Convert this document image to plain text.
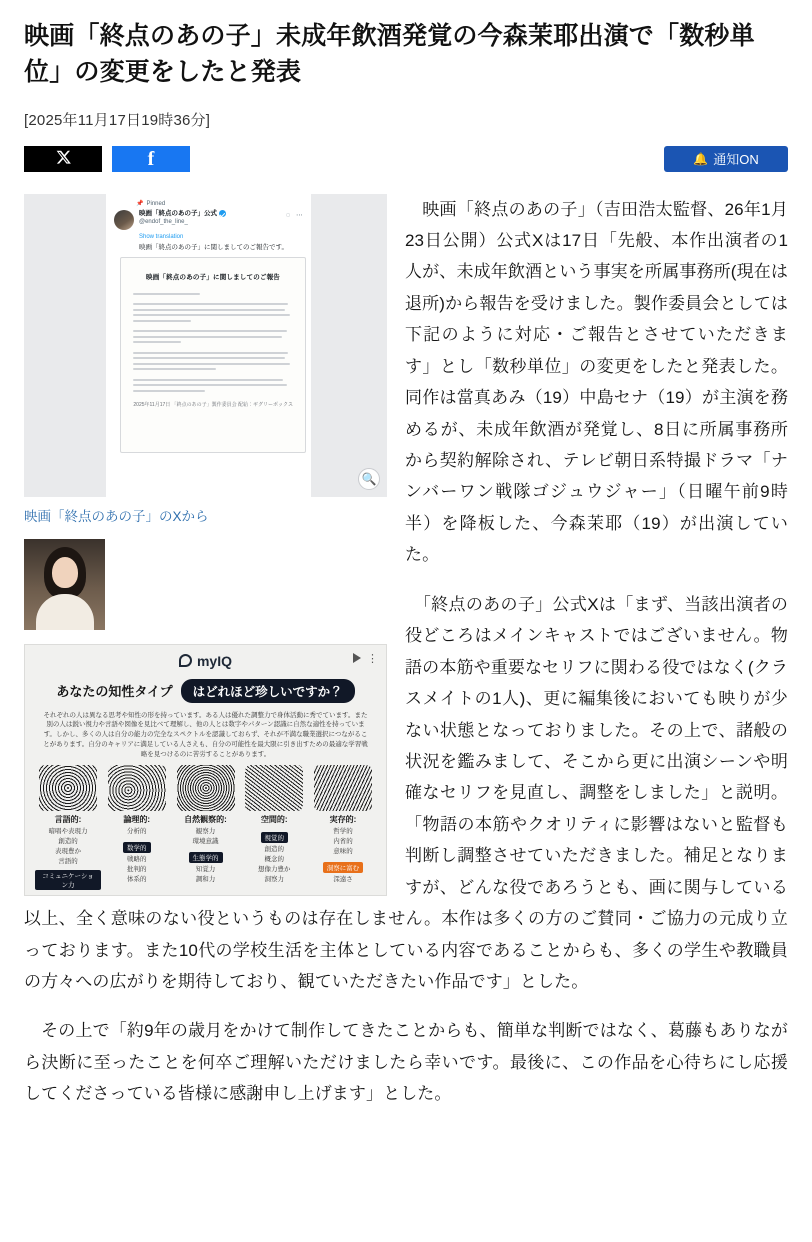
映画「終点のあの子」未成年飲酒発覚の今森茉耶出演で「数秒単位」の変更をしたと発表
[2025年11月17日19時36分]
f	🔔 通知ON
📌 Pinned
映画「終点のあの子」公式
@endof_the_line_
◌ ⋯
Show translation
映画「終点のあの子」に関しましてのご報告です。
映画「終点のあの子」に関しましてのご報告
2025年11月17日 「終点のあの子」製作委員会 配給：ギグリーボックス
🔍
映画「終点のあの子」のXから
⋮
myIQ
あなたの知性タイプ	はどれほど珍しいですか？
それぞれの人は異なる思考や知性の形を持っています。ある人は優れた調整力で身体活動に秀でています。また別の人は鋭い視力や言語や図像を見比べて理解し、他の人とは数字やパターン認識に自然な適性を持っています。しかし、多くの人は自分の能力の完全なスペクトルを認識しておらず、それが不満な職業選択につながることがあります。自分のキャリアに満足している人さえも、自分の可能性を最大限に引き出すための最適な学習戦略を見つけるのに苦労することがあります。
言語的:
暗唱や表現力
創造的
表現豊か
言語的
コミュニケーション力
論理的:
分析的
数学的
戦略的
批判的
体系的
自然観察的:
観察力
環境意識
生態学的
知覚力
調和力
空間的:
視覚的
創造的
概念的
想像力豊か
洞察力
実存的:
哲学的
内省的
意味的
洞察に富む
深遠さ

　映画「終点のあの子」（吉田浩太監督、26年1月23日公開）公式Xは17日「先般、本作出演者の1人が、未成年飲酒という事実を所属事務所(現在は退所)から報告を受けました。製作委員会としては下記のように対応・ご報告とさせていただきます」とし「数秒単位」の変更をしたと発表した。同作は當真あみ（19）中島セナ（19）が主演を務めるが、未成年飲酒が発覚し、8日に所属事務所から契約解除され、テレビ朝日系特撮ドラマ「ナンバーワン戦隊ゴジュウジャー」（日曜午前9時半）を降板した、今森茉耶（19）が出演していた。

　「終点のあの子」公式Xは「まず、当該出演者の役どころはメインキャストではございません。物語の本筋や重要なセリフに関わる役ではなく(クラスメイトの1人)、更に編集後においても映りが少ない状態となっておりました。その上で、諸般の状況を鑑みまして、そこから更に出演シーンや明確なセリフを見直し、調整をしました」と説明。「物語の本筋やクオリティに影響はないと監督も判断し調整させていただきました。補足となりますが、どんな役であろうとも、画に関与している以上、全く意味のない役というものは存在しません。本作は多くの方のご賛同・ご協力の元成り立っております。また10代の学校生活を主体としている内容であることからも、多くの学生や教職員の方々への広がりを期待しており、観ていただきたい作品です」とした。

　その上で「約9年の歳月をかけて制作してきたことからも、簡単な判断ではなく、葛藤もありながら決断に至ったことを何卒ご理解いただけましたら幸いです。最後に、この作品を心待ちにし応援してくださっている皆様に感謝申し上げます」とした。
